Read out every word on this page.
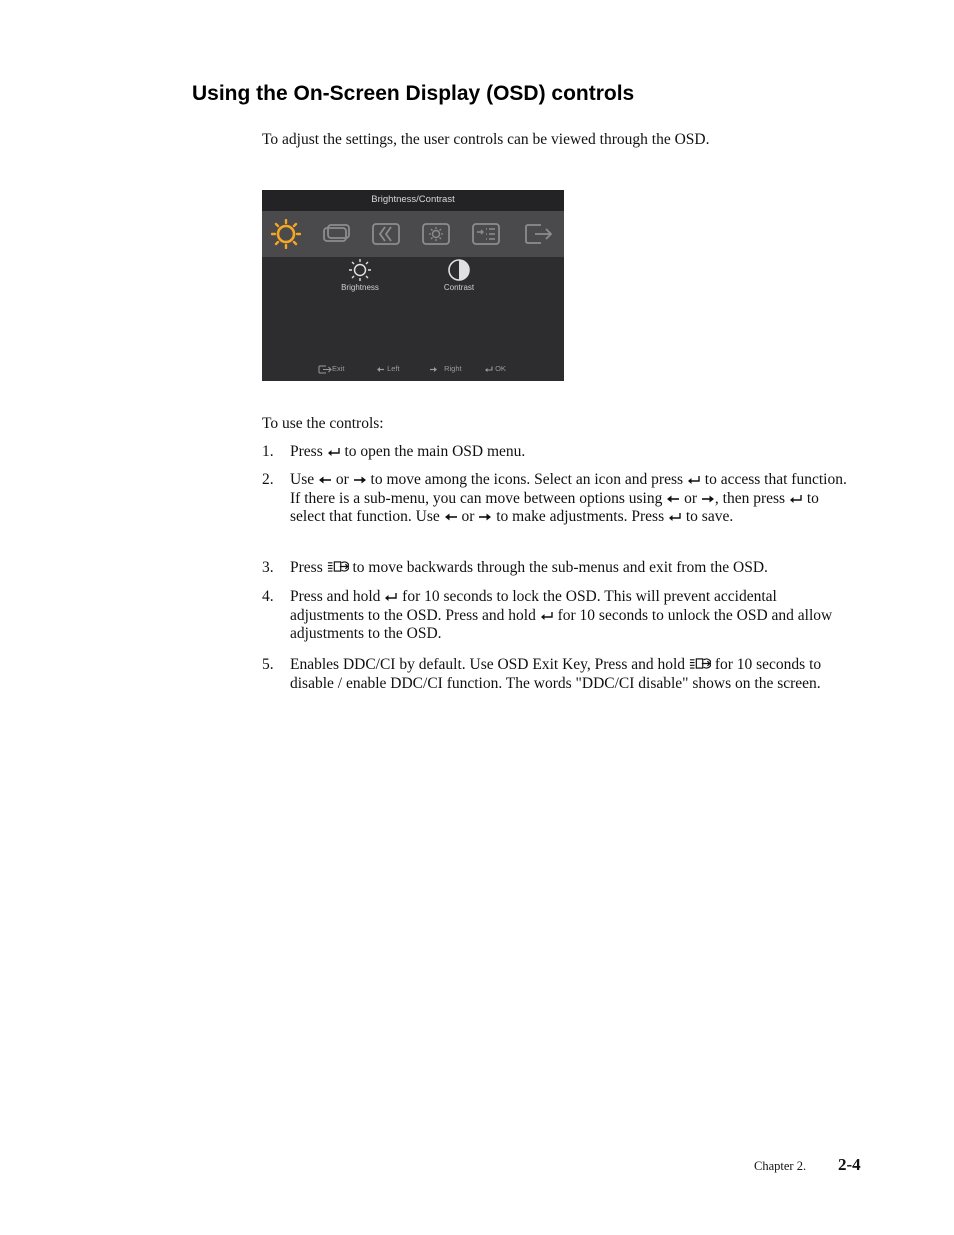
Using the On-Screen Display (OSD) controls
To adjust the settings, the user controls can be viewed through the OSD.
Brightness/Contrast
Brightness	Contrast
Exit	Left	Right	OK
To use the controls:
1. Press  to open the main OSD menu.
2. Use  or  to move among the icons. Select an icon and press  to access that function. If there is a sub-menu, you can move between options using  or , then press  to select that function. Use  or  to make adjustments. Press  to save.
3. Press  to move backwards through the sub-menus and exit from the OSD.
4. Press and hold  for 10 seconds to lock the OSD. This will prevent accidental adjustments to the OSD. Press and hold  for 10 seconds to unlock the OSD and allow adjustments to the OSD.
5. Enables DDC/CI by default. Use OSD Exit Key, Press and hold  for 10 seconds to disable / enable DDC/CI function. The words "DDC/CI disable" shows on the screen.
Chapter 2. 2-4
